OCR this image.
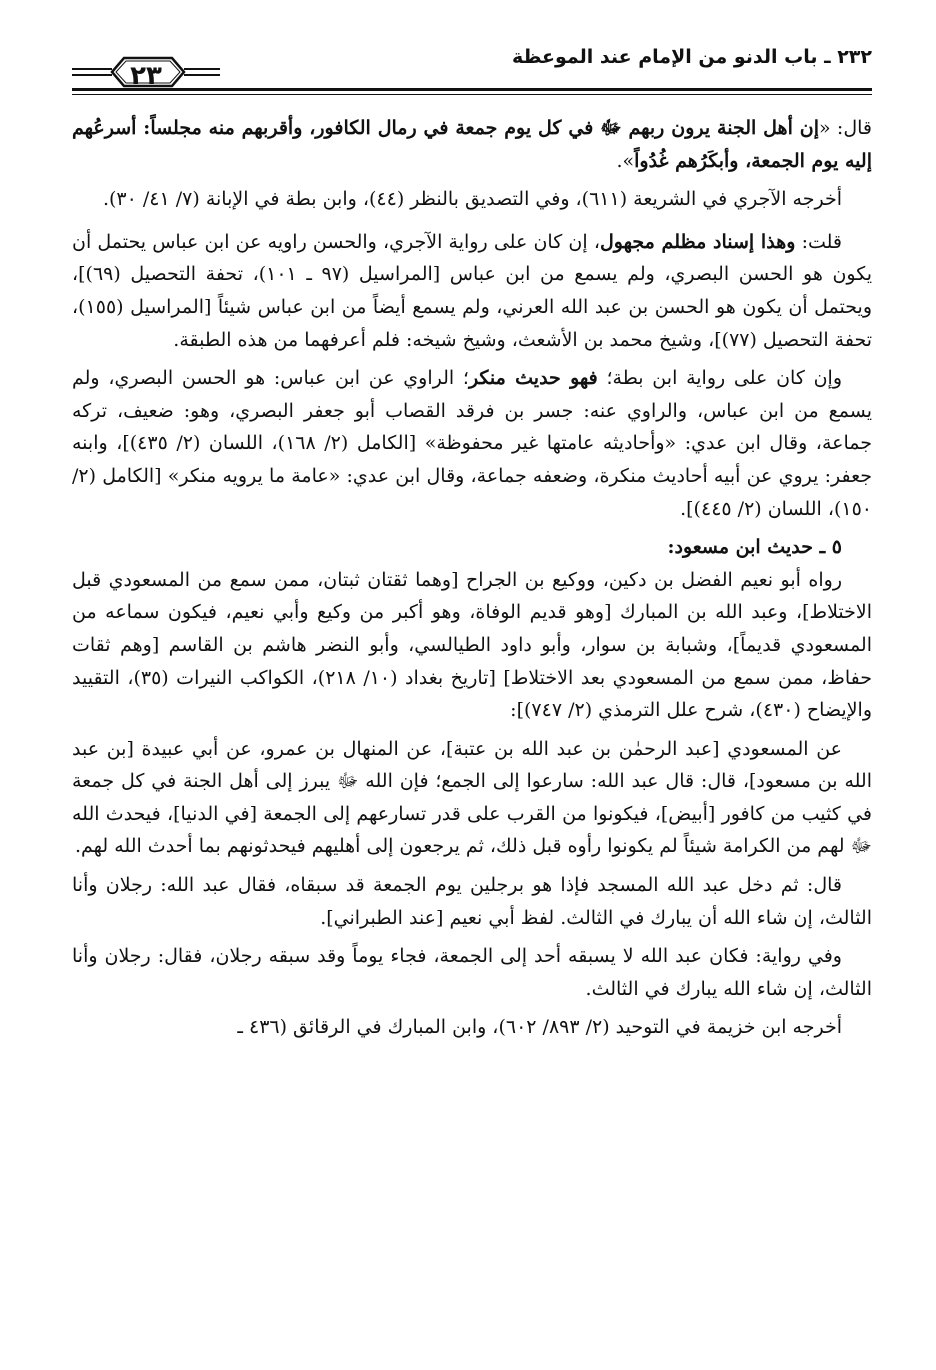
٢٣٢ ـ باب الدنو من الإمام عند الموعظة
٢٣

قال: «إن أهل الجنة يرون ربهم ﷻ في كل يوم جمعة في رمال الكافور، وأقربهم منه مجلساً: أسرعُهم إليه يوم الجمعة، وأبكَرُهم غُدُواً».

أخرجه الآجري في الشريعة (٦١١)، وفي التصديق بالنظر (٤٤)، وابن بطة في الإبانة (٧/ ٤١/ ٣٠).

قلت: وهذا إسناد مظلم مجهول، إن كان على رواية الآجري، والحسن راويه عن ابن عباس يحتمل أن يكون هو الحسن البصري، ولم يسمع من ابن عباس [المراسيل (٩٧ ـ ١٠١)، تحفة التحصيل (٦٩)]، ويحتمل أن يكون هو الحسن بن عبد الله العرني، ولم يسمع أيضاً من ابن عباس شيئاً [المراسيل (١٥٥)، تحفة التحصيل (٧٧)]، وشيخ محمد بن الأشعث، وشيخ شيخه: فلم أعرفهما من هذه الطبقة.

وإن كان على رواية ابن بطة؛ فهو حديث منكر؛ الراوي عن ابن عباس: هو الحسن البصري، ولم يسمع من ابن عباس، والراوي عنه: جسر بن فرقد القصاب أبو جعفر البصري، وهو: ضعيف، تركه جماعة، وقال ابن عدي: «وأحاديثه عامتها غير محفوظة» [الكامل (٢/ ١٦٨)، اللسان (٢/ ٤٣٥)]، وابنه جعفر: يروي عن أبيه أحاديث منكرة، وضعفه جماعة، وقال ابن عدي: «عامة ما يرويه منكر» [الكامل (٢/ ١٥٠)، اللسان (٢/ ٤٤٥)].

٥ ـ حديث ابن مسعود:

رواه أبو نعيم الفضل بن دكين، ووكيع بن الجراح [وهما ثقتان ثبتان، ممن سمع من المسعودي قبل الاختلاط]، وعبد الله بن المبارك [وهو قديم الوفاة، وهو أكبر من وكيع وأبي نعيم، فيكون سماعه من المسعودي قديماً]، وشبابة بن سوار، وأبو داود الطيالسي، وأبو النضر هاشم بن القاسم [وهم ثقات حفاظ، ممن سمع من المسعودي بعد الاختلاط] [تاريخ بغداد (١٠/ ٢١٨)، الكواكب النيرات (٣٥)، التقييد والإيضاح (٤٣٠)، شرح علل الترمذي (٢/ ٧٤٧)]:

عن المسعودي [عبد الرحمٰن بن عبد الله بن عتبة]، عن المنهال بن عمرو، عن أبي عبيدة [بن عبد الله بن مسعود]، قال: قال عبد الله: سارعوا إلى الجمع؛ فإن الله ﷻ يبرز إلى أهل الجنة في كل جمعة في كثيب من كافور [أبيض]، فيكونوا من القرب على قدر تسارعهم إلى الجمعة [في الدنيا]، فيحدث الله ﷻ لهم من الكرامة شيئاً لم يكونوا رأوه قبل ذلك، ثم يرجعون إلى أهليهم فيحدثونهم بما أحدث الله لهم.

قال: ثم دخل عبد الله المسجد فإذا هو برجلين يوم الجمعة قد سبقاه، فقال عبد الله: رجلان وأنا الثالث، إن شاء الله أن يبارك في الثالث. لفظ أبي نعيم [عند الطبراني].

وفي رواية: فكان عبد الله لا يسبقه أحد إلى الجمعة، فجاء يوماً وقد سبقه رجلان، فقال: رجلان وأنا الثالث، إن شاء الله يبارك في الثالث.

أخرجه ابن خزيمة في التوحيد (٢/ ٨٩٣/ ٦٠٢)، وابن المبارك في الرقائق (٤٣٦ ـ
